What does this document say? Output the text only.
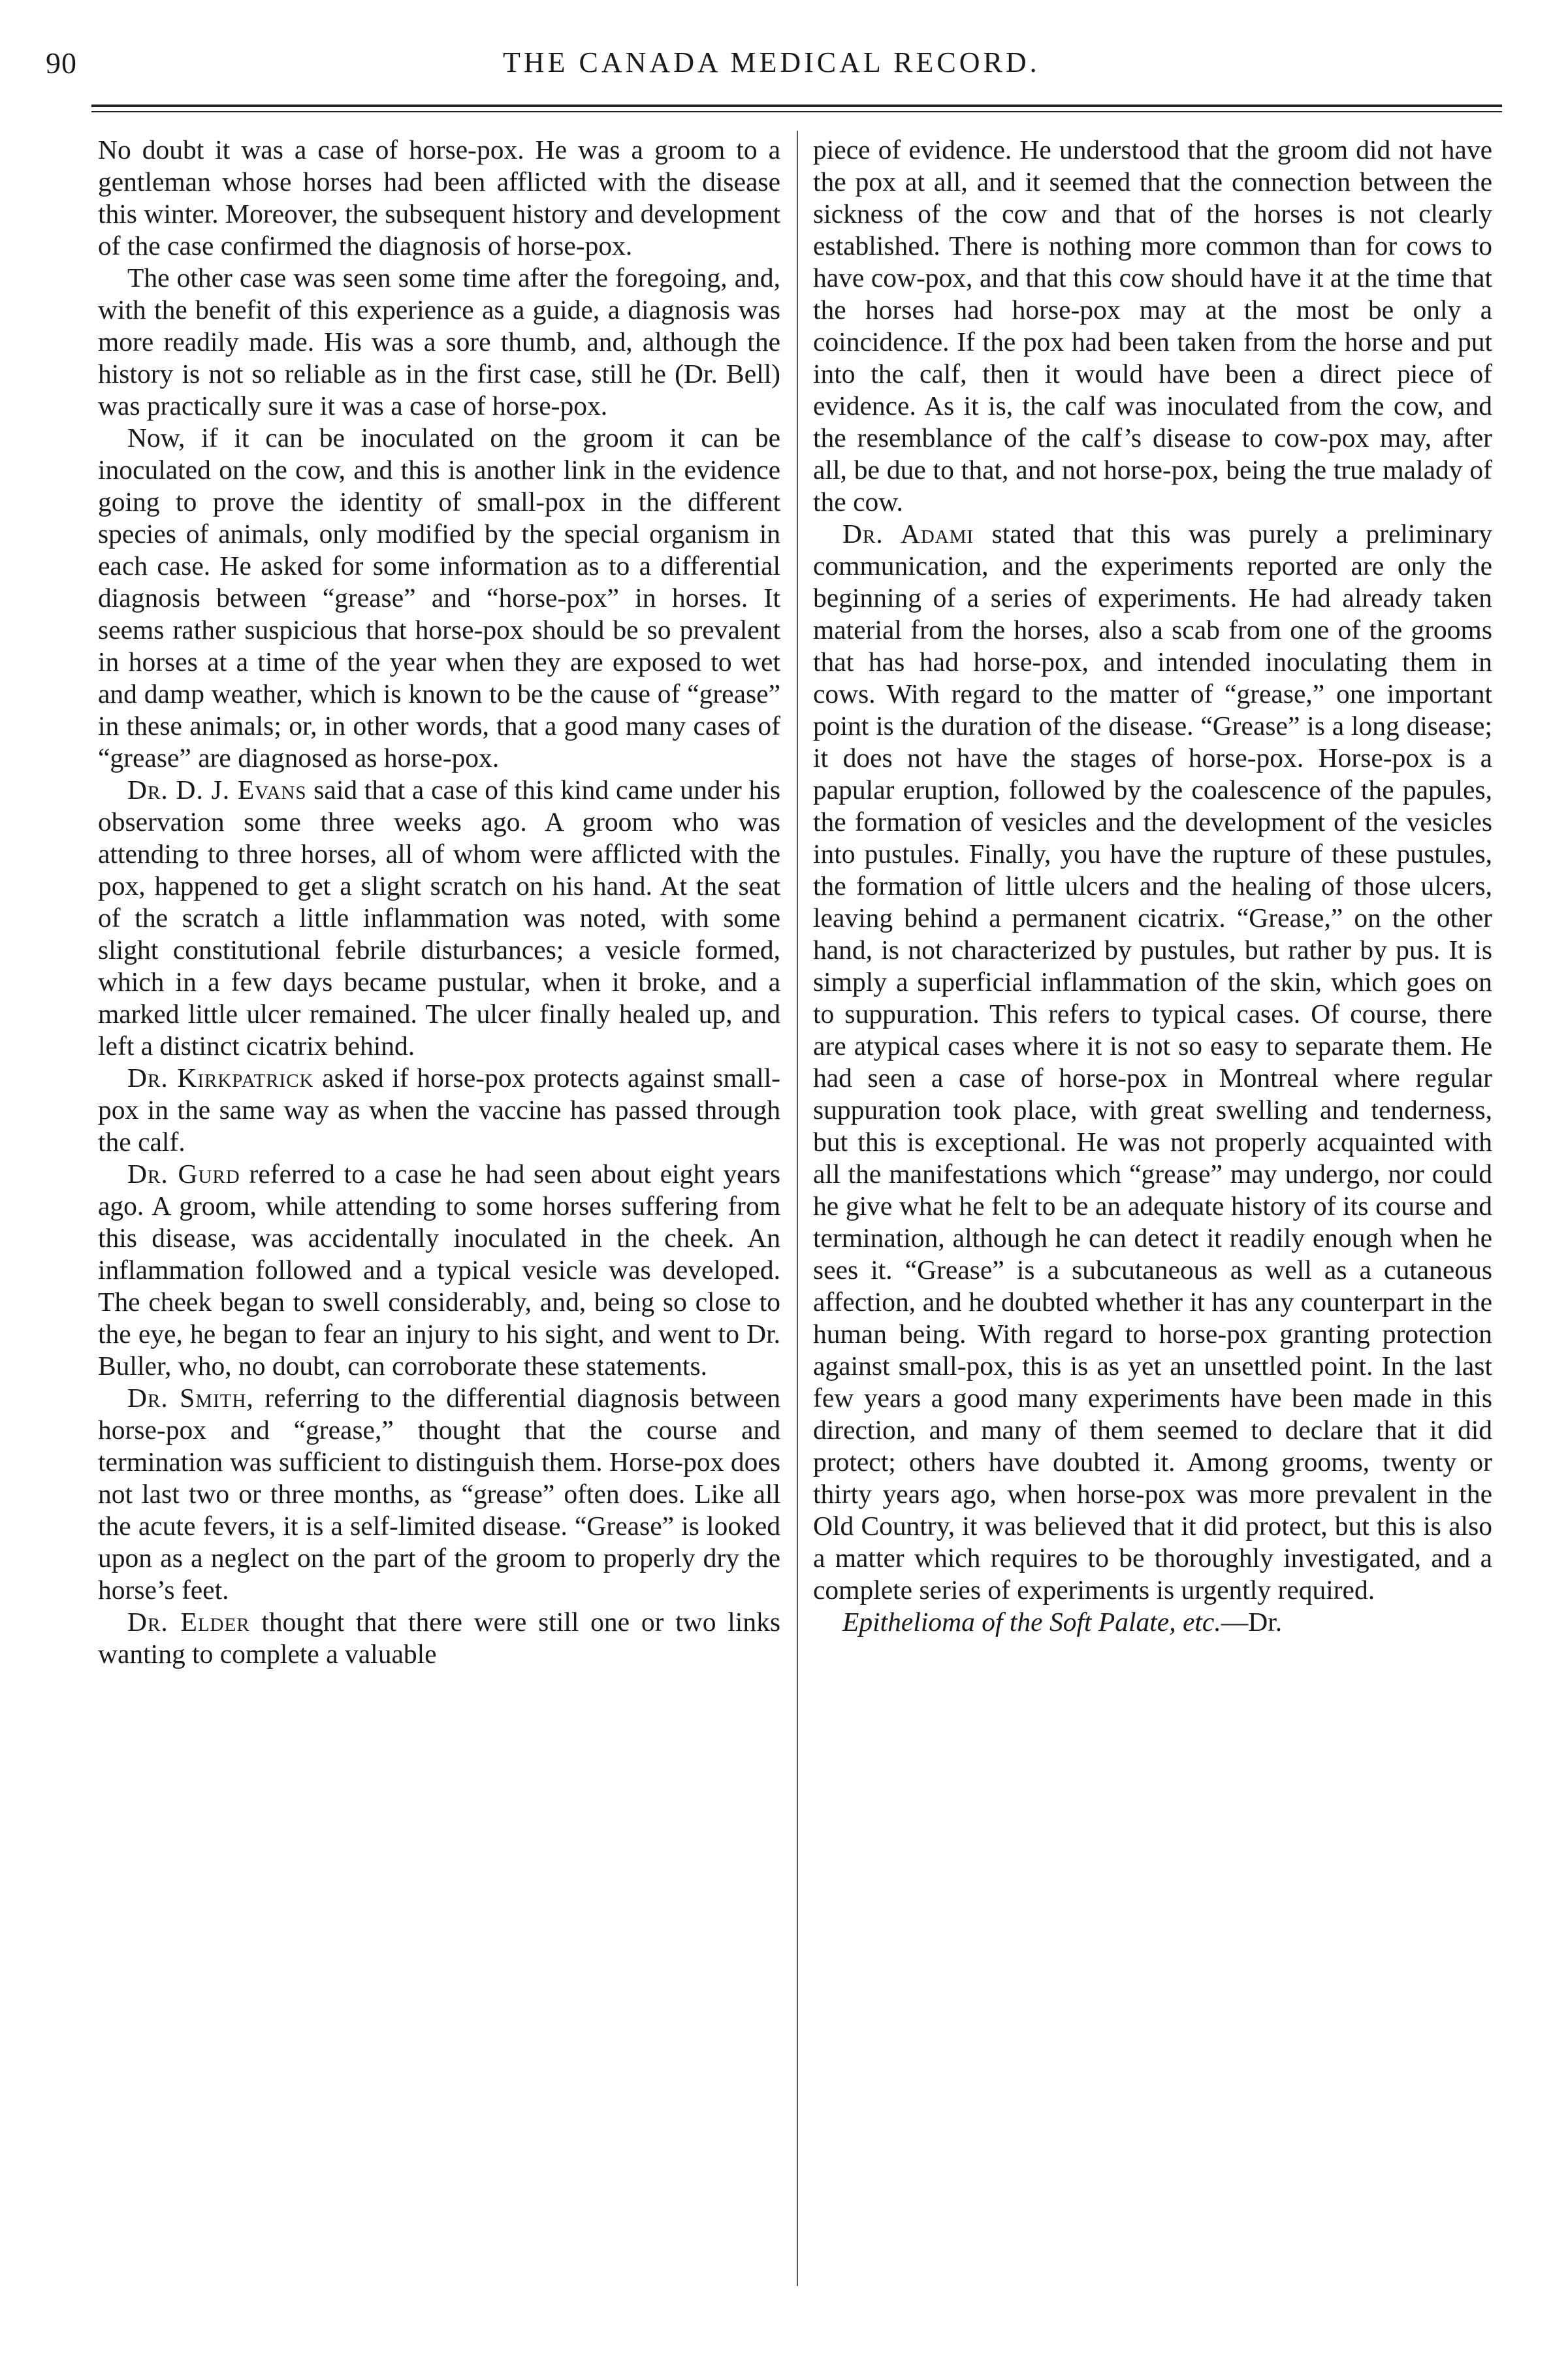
90	THE CANADA MEDICAL RECORD.

No doubt it was a case of horse-pox. He was a groom to a gentleman whose horses had been afflicted with the disease this winter. Moreover, the subsequent history and development of the case confirmed the diagnosis of horse-pox.

The other case was seen some time after the foregoing, and, with the benefit of this experience as a guide, a diagnosis was more readily made. His was a sore thumb, and, although the history is not so reliable as in the first case, still he (Dr. Bell) was practically sure it was a case of horse-pox.

Now, if it can be inoculated on the groom it can be inoculated on the cow, and this is another link in the evidence going to prove the identity of small-pox in the different species of animals, only modified by the special organism in each case. He asked for some information as to a differential diagnosis between “grease” and “horse-pox” in horses. It seems rather suspicious that horse-pox should be so prevalent in horses at a time of the year when they are exposed to wet and damp weather, which is known to be the cause of “grease” in these animals; or, in other words, that a good many cases of “grease” are diagnosed as horse-pox.

Dr. D. J. Evans said that a case of this kind came under his observation some three weeks ago. A groom who was attending to three horses, all of whom were afflicted with the pox, happened to get a slight scratch on his hand. At the seat of the scratch a little inflammation was noted, with some slight constitutional febrile disturbances; a vesicle formed, which in a few days became pustular, when it broke, and a marked little ulcer remained. The ulcer finally healed up, and left a distinct cicatrix behind.

Dr. Kirkpatrick asked if horse-pox protects against small-pox in the same way as when the vaccine has passed through the calf.

Dr. Gurd referred to a case he had seen about eight years ago. A groom, while attending to some horses suffering from this disease, was accidentally inoculated in the cheek. An inflammation followed and a typical vesicle was developed. The cheek began to swell considerably, and, being so close to the eye, he began to fear an injury to his sight, and went to Dr. Buller, who, no doubt, can corroborate these statements.

Dr. Smith, referring to the differential diagnosis between horse-pox and “grease,” thought that the course and termination was sufficient to distinguish them. Horse-pox does not last two or three months, as “grease” often does. Like all the acute fevers, it is a self-limited disease. “Grease” is looked upon as a neglect on the part of the groom to properly dry the horse’s feet.

Dr. Elder thought that there were still one or two links wanting to complete a valuable

piece of evidence. He understood that the groom did not have the pox at all, and it seemed that the connection between the sickness of the cow and that of the horses is not clearly established. There is nothing more common than for cows to have cow-pox, and that this cow should have it at the time that the horses had horse-pox may at the most be only a coincidence. If the pox had been taken from the horse and put into the calf, then it would have been a direct piece of evidence. As it is, the calf was inoculated from the cow, and the resemblance of the calf’s disease to cow-pox may, after all, be due to that, and not horse-pox, being the true malady of the cow.

Dr. Adami stated that this was purely a preliminary communication, and the experiments reported are only the beginning of a series of experiments. He had already taken material from the horses, also a scab from one of the grooms that has had horse-pox, and intended inoculating them in cows. With regard to the matter of “grease,” one important point is the duration of the disease. “Grease” is a long disease; it does not have the stages of horse-pox. Horse-pox is a papular eruption, followed by the coalescence of the papules, the formation of vesicles and the development of the vesicles into pustules. Finally, you have the rupture of these pustules, the formation of little ulcers and the healing of those ulcers, leaving behind a permanent cicatrix. “Grease,” on the other hand, is not characterized by pustules, but rather by pus. It is simply a superficial inflammation of the skin, which goes on to suppuration. This refers to typical cases. Of course, there are atypical cases where it is not so easy to separate them. He had seen a case of horse-pox in Montreal where regular suppuration took place, with great swelling and tenderness, but this is exceptional. He was not properly acquainted with all the manifestations which “grease” may undergo, nor could he give what he felt to be an adequate history of its course and termination, although he can detect it readily enough when he sees it. “Grease” is a subcutaneous as well as a cutaneous affection, and he doubted whether it has any counterpart in the human being. With regard to horse-pox granting protection against small-pox, this is as yet an unsettled point. In the last few years a good many experiments have been made in this direction, and many of them seemed to declare that it did protect; others have doubted it. Among grooms, twenty or thirty years ago, when horse-pox was more prevalent in the Old Country, it was believed that it did protect, but this is also a matter which requires to be thoroughly investigated, and a complete series of experiments is urgently required.

Epithelioma of the Soft Palate, etc.—Dr.
